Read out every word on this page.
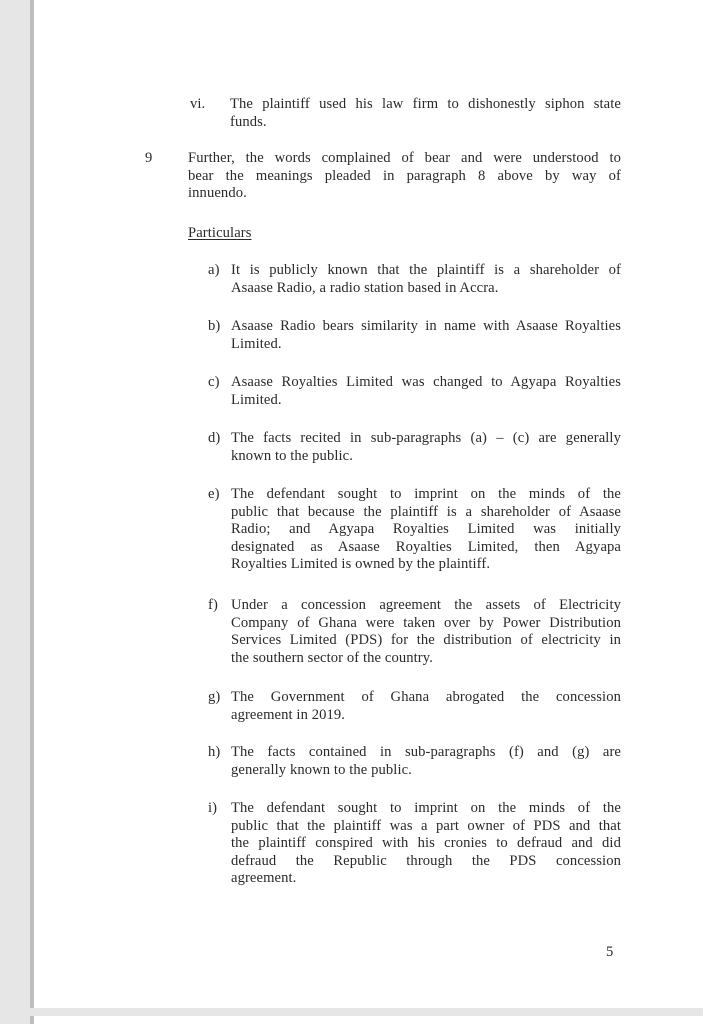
vi. The plaintiff used his law firm to dishonestly siphon state
funds.
9 Further, the words complained of bear and were understood to
bear the meanings pleaded in paragraph 8 above by way of
innuendo.
Particulars
a) It is publicly known that the plaintiff is a shareholder of
Asaase Radio, a radio station based in Accra.
b) Asaase Radio bears similarity in name with Asaase Royalties
Limited.
c) Asaase Royalties Limited was changed to Agyapa Royalties
Limited.
d) The facts recited in sub-paragraphs (a) – (c) are generally
known to the public.
e) The defendant sought to imprint on the minds of the
public that because the plaintiff is a shareholder of Asaase
Radio; and Agyapa Royalties Limited was initially
designated as Asaase Royalties Limited, then Agyapa
Royalties Limited is owned by the plaintiff.
f) Under a concession agreement the assets of Electricity
Company of Ghana were taken over by Power Distribution
Services Limited (PDS) for the distribution of electricity in
the southern sector of the country.
g) The Government of Ghana abrogated the concession
agreement in 2019.
h) The facts contained in sub-paragraphs (f) and (g) are
generally known to the public.
i) The defendant sought to imprint on the minds of the
public that the plaintiff was a part owner of PDS and that
the plaintiff conspired with his cronies to defraud and did
defraud the Republic through the PDS concession
agreement.
5
